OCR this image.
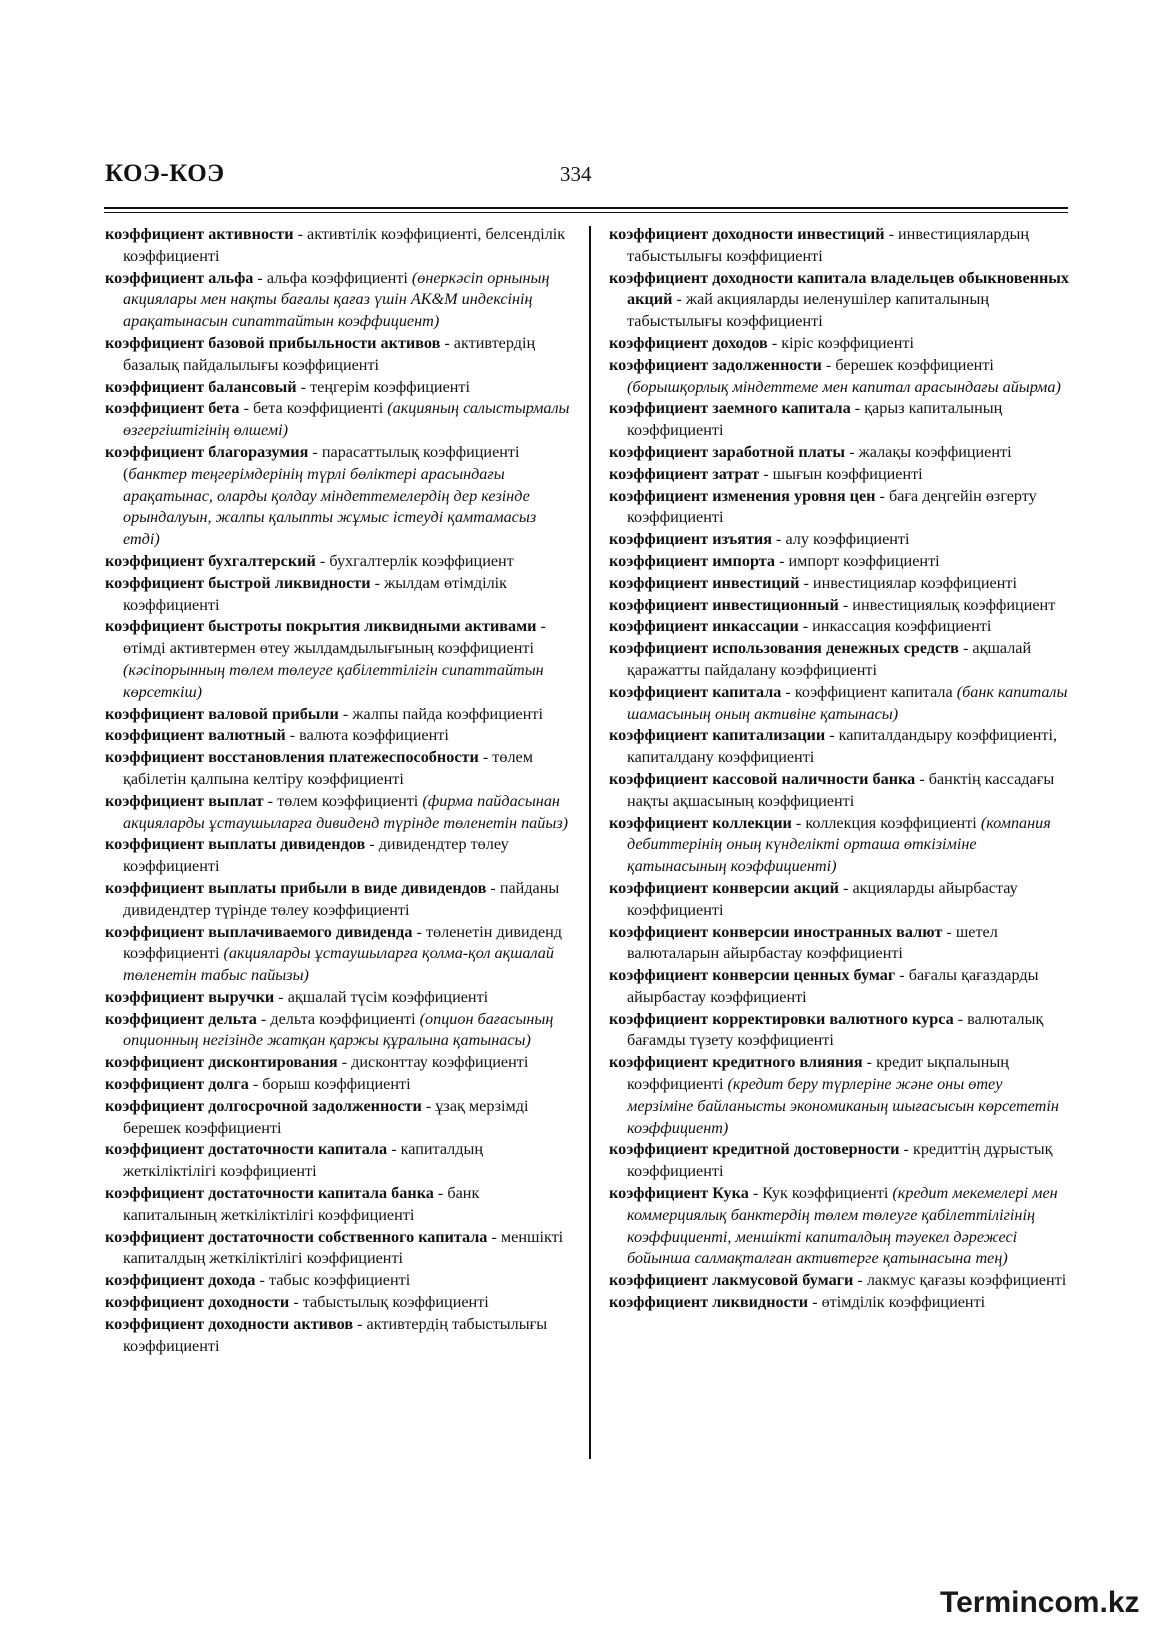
КОЭ-КОЭ	334

коэффициент активности - активтілік коэффициенті, белсенділік коэффициенті

коэффициент альфа - альфа коэффициенті (өнеркәсіп орнының акциялары мен нақты бағалы қағаз үшін AK&M индексінің арақатынасын сипаттайтын коэффициент)

коэффициент базовой прибыльности активов - активтердің базалық пайдалылығы коэффициенті

коэффициент балансовый - теңгерім коэффициенті

коэффициент бета - бета коэффициенті (акцияның салыстырмалы өзгергіштігінің өлшемі)

коэффициент благоразумия - парасаттылық коэффициенті (банктер теңгерімдерінің түрлі бөліктері арасындағы арақатынас, оларды қолдау міндеттемелердің дер кезінде орындалуын, жалпы қалыпты жұмыс істеуді қамтамасыз етді)

коэффициент бухгалтерский - бухгалтерлік коэффициент

коэффициент быстрой ликвидности - жылдам өтімділік коэффициенті

коэффициент быстроты покрытия ликвидными активами - өтімді активтермен өтеу жылдамдылығының коэффициенті (кәсіпорынның төлем төлеуге қабілеттілігін сипаттайтын көрсеткіш)

коэффициент валовой прибыли - жалпы пайда коэффициенті

коэффициент валютный - валюта коэффициенті

коэффициент восстановления платежеспособности - төлем қабілетін қалпына келтіру коэффициенті

коэффициент выплат - төлем коэффициенті (фирма пайдасынан акцияларды ұстаушыларға дивиденд түрінде төленетін пайыз)

коэффициент выплаты дивидендов - дивидендтер төлеу коэффициенті

коэффициент выплаты прибыли в виде дивидендов - пайданы дивидендтер түрінде төлеу коэффициенті

коэффициент выплачиваемого дивиденда - төленетін дивиденд коэффициенті (акцияларды ұстаушыларға қолма-қол ақшалай төленетін табыс пайызы)

коэффициент выручки - ақшалай түсім коэффициенті

коэффициент дельта - дельта коэффициенті (опцион бағасының опционның негізінде жатқан қаржы құралына қатынасы)

коэффициент дисконтирования - дисконттау коэффициенті

коэффициент долга - борыш коэффициенті

коэффициент долгосрочной задолженности - ұзақ мерзімді берешек коэффициенті

коэффициент достаточности капитала - капиталдың жеткіліктілігі коэффициенті

коэффициент достаточности капитала банка - банк капиталының жеткіліктілігі коэффициенті

коэффициент достаточности собственного капитала - меншікті капиталдың жеткіліктілігі коэффициенті

коэффициент дохода - табыс коэффициенті

коэффициент доходности - табыстылық коэффициенті

коэффициент доходности активов - активтердің табыстылығы коэффициенті

коэффициент доходности инвестиций - инвестициялардың табыстылығы коэффициенті

коэффициент доходности капитала владельцев обыкновенных акций - жай акцияларды иеленушілер капиталының табыстылығы коэффициенті

коэффициент доходов - кіріс коэффициенті

коэффициент задолженности - берешек коэффициенті (борышқорлық міндеттеме мен капитал арасындағы айырма)

коэффициент заемного капитала - қарыз капиталының коэффициенті

коэффициент заработной платы - жалақы коэффициенті

коэффициент затрат - шығын коэффициенті

коэффициент изменения уровня цен - баға деңгейін өзгерту коэффициенті

коэффициент изъятия - алу коэффициенті

коэффициент импорта - импорт коэффициенті

коэффициент инвестиций - инвестициялар коэффициенті

коэффициент инвестиционный - инвестициялық коэффициент

коэффициент инкассации - инкассация коэффициенті

коэффициент использования денежных средств - ақшалай қаражатты пайдалану коэффициенті

коэффициент капитала - коэффициент капитала (банк капиталы шамасының оның активіне қатынасы)

коэффициент капитализации - капиталдандыру коэффициенті, капиталдану коэффициенті

коэффициент кассовой наличности банка - банктің кассадағы нақты ақшасының коэффициенті

коэффициент коллекции - коллекция коэффициенті (компания дебиттерінің оның күнделікті орташа өткізіміне қатынасының коэффициенті)

коэффициент конверсии акций - акцияларды айырбастау коэффициенті

коэффициент конверсии иностранных валют - шетел валюталарын айырбастау коэффициенті

коэффициент конверсии ценных бумаг - бағалы қағаздарды айырбастау коэффициенті

коэффициент корректировки валютного курса - валюталық бағамды түзету коэффициенті

коэффициент кредитного влияния - кредит ықпалының коэффициенті (кредит беру түрлеріне және оны өтеу мерзіміне байланысты экономиканың шығасысын көрсететін коэффициент)

коэффициент кредитной достоверности - кредиттің дұрыстық коэффициенті

коэффициент Кука - Кук коэффициенті (кредит мекемелері мен коммерциялық банктердің төлем төлеуге қабілеттілігінің коэффициенті, меншікті капиталдың тәуекел дәрежесі бойынша салмақталған активтерге қатынасына тең)

коэффициент лакмусовой бумаги - лакмус қағазы коэффициенті

коэффициент ликвидности - өтімділік коэффициенті

Termincom.kz
